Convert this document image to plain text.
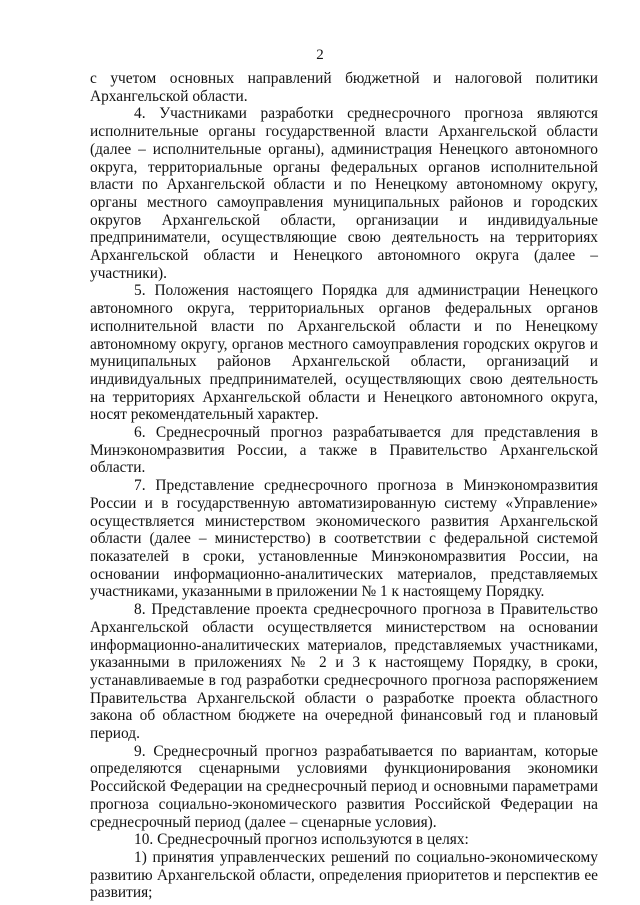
2

с учетом основных направлений бюджетной и налоговой политики Архангельской области.

4. Участниками разработки среднесрочного прогноза являются исполнительные органы государственной власти Архангельской области (далее – исполнительные органы), администрация Ненецкого автономного округа, территориальные органы федеральных органов исполнительной власти по Архангельской области и по Ненецкому автономному округу, органы местного самоуправления муниципальных районов и городских округов Архангельской области, организации и индивидуальные предприниматели, осуществляющие свою деятельность на территориях Архангельской области и Ненецкого автономного округа (далее – участники).

5. Положения настоящего Порядка для администрации Ненецкого автономного округа, территориальных органов федеральных органов исполнительной власти по Архангельской области и по Ненецкому автономному округу, органов местного самоуправления городских округов и муниципальных районов Архангельской области, организаций и индивидуальных предпринимателей, осуществляющих свою деятельность на территориях Архангельской области и Ненецкого автономного округа, носят рекомендательный характер.

6. Среднесрочный прогноз разрабатывается для представления в Минэкономразвития России, а также в Правительство Архангельской области.

7. Представление среднесрочного прогноза в Минэкономразвития России и в государственную автоматизированную систему «Управление» осуществляется министерством экономического развития Архангельской области (далее – министерство) в соответствии с федеральной системой показателей в сроки, установленные Минэкономразвития России, на основании информационно-аналитических материалов, представляемых участниками, указанными в приложении № 1 к настоящему Порядку.

8. Представление проекта среднесрочного прогноза в Правительство Архангельской области осуществляется министерством на основании информационно-аналитических материалов, представляемых участниками, указанными в приложениях № 2 и 3 к настоящему Порядку, в сроки, устанавливаемые в год разработки среднесрочного прогноза распоряжением Правительства Архангельской области о разработке проекта областного закона об областном бюджете на очередной финансовый год и плановый период.

9. Среднесрочный прогноз разрабатывается по вариантам, которые определяются сценарными условиями функционирования экономики Российской Федерации на среднесрочный период и основными параметрами прогноза социально-экономического развития Российской Федерации на среднесрочный период (далее – сценарные условия).

10. Среднесрочный прогноз используются в целях:

1) принятия управленческих решений по социально-экономическому развитию Архангельской области, определения приоритетов и перспектив ее развития;
